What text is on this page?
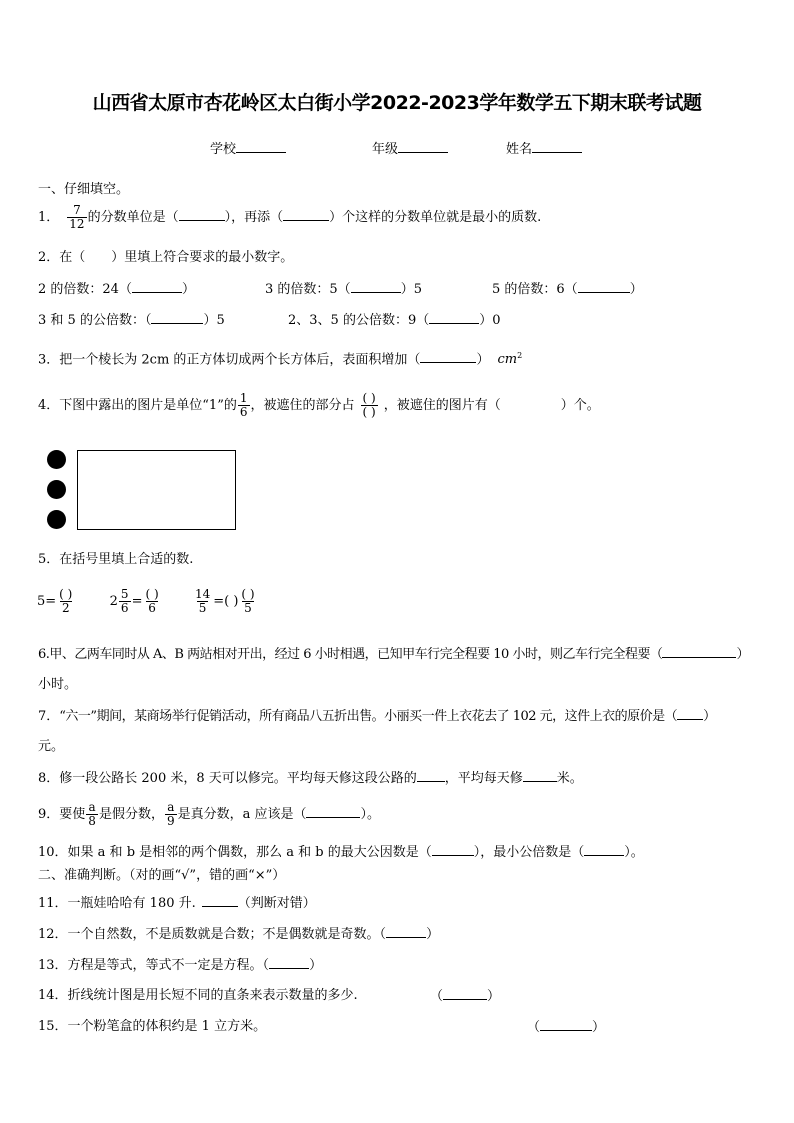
山西省太原市杏花岭区太白街小学2022-2023学年数学五下期末联考试题
学校	年级	姓名
一、仔细填空。
1． $\frac{7}{12}$ 的分数单位是（	），再添（	）个这样的分数单位就是最小的质数.
2．在（　　）里填上符合要求的最小数字。
2 的倍数：24（	）	3 的倍数：5（	）5	5 的倍数：6（	）
3 和 5 的公倍数：（	）5	2、3、5 的公倍数：9（	）0
3．把一个棱长为 2cm 的正方体切成两个长方体后，表面积增加（	） $cm^2$
4．下图中露出的图片是单位“1”的 $\frac{1}{6}$ ，被遮住的部分占 $\frac{( )}{( )}$ ，被遮住的图片有（	）个。
5．在括号里填上合适的数.
$5= \frac{( )}{2}$	$2 \frac{5}{6} = \frac{( )}{6}$
	$\frac{14}{5}$ =( ) $\frac{( )}{5}$
6.甲、乙两车同时从 A、B 两站相对开出，经过 6 小时相遇，已知甲车行完全程要 10 小时，则乙车行完全程要（	）
小时。
7．“六一”期间，某商场举行促销活动，所有商品八五折出售。小丽买一件上衣花去了 102 元，这件上衣的原价是（ ）
元。
8．修一段公路长 200 米，8 天可以修完。平均每天修这段公路的 ，平均每天修	米。
9．要使 $\frac{a}{8}$ 是假分数， $\frac{a}{9}$ 是真分数，a 应该是（	）。
10．如果 a 和 b 是相邻的两个偶数，那么 a 和 b 的最大公因数是（	），最小公倍数是（	）。
二、准确判断。（对的画“√”，错的画“×”）
11．一瓶娃哈哈有 180 升.	（判断对错）
12．一个自然数，不是质数就是合数；不是偶数就是奇数。（	）
13．方程是等式，等式不一定是方程。（	）
14．折线统计图是用长短不同的直条来表示数量的多少.	（	）
15．一个粉笔盒的体积约是 1 立方米。	（	）
